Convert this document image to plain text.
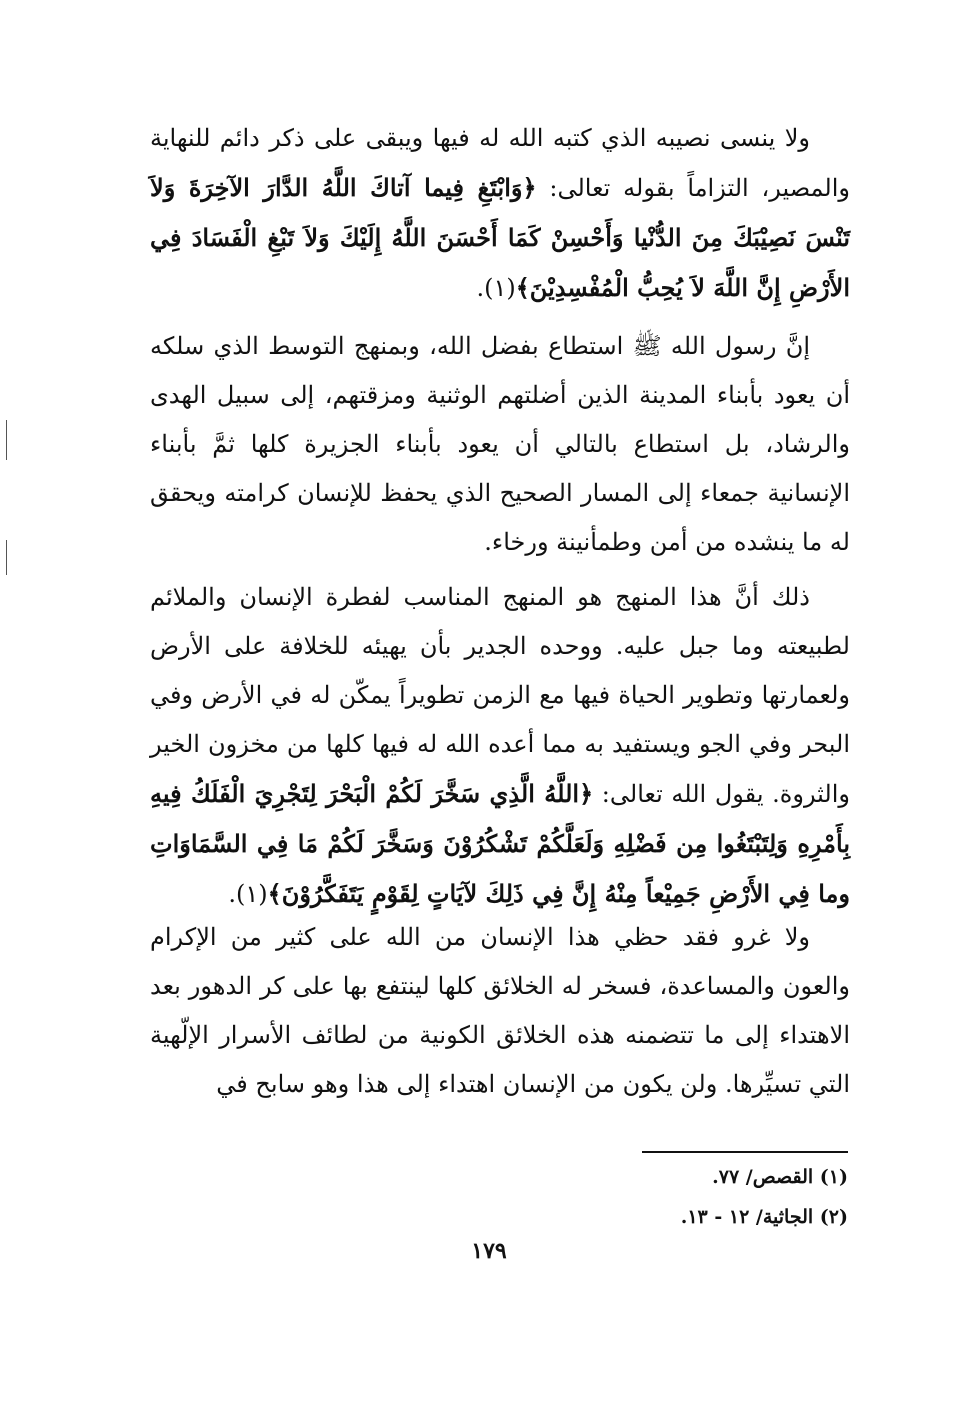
ولا ينسى نصيبه الذي كتبه الله له فيها ويبقى على ذكر دائم للنهاية والمصير، التزاماً بقوله تعالى: ﴿وَابْتَغِ فِيما آتاكَ اللَّهُ الدَّارَ الآخِرَةَ وَلاَ تَنْسَ نَصِيْبَكَ مِنَ الدُّنْيا وَأَحْسِنْ كَمَا أَحْسَنَ اللَّهُ إِلَيْكَ وَلاَ تَبْغِ الْفَسَادَ فِي الأَرْضِ إِنَّ اللَّهَ لاَ يُحِبُّ الْمُفْسِدِيْنَ﴾(١).

إنَّ رسول الله ﷺ استطاع بفضل الله، وبمنهج التوسط الذي سلكه أن يعود بأبناء المدينة الذين أضلتهم الوثنية ومزقتهم، إلى سبيل الهدى والرشاد، بل استطاع بالتالي أن يعود بأبناء الجزيرة كلها ثمَّ بأبناء الإنسانية جمعاء إلى المسار الصحيح الذي يحفظ للإنسان كرامته ويحقق له ما ينشده من أمن وطمأنينة ورخاء.

ذلك أنَّ هذا المنهج هو المنهج المناسب لفطرة الإنسان والملائم لطبيعته وما جبل عليه. ووحده الجدير بأن يهيئه للخلافة على الأرض ولعمارتها وتطوير الحياة فيها مع الزمن تطويراً يمكّن له في الأرض وفي البحر وفي الجو ويستفيد به مما أعده الله له فيها كلها من مخزون الخير والثروة. يقول الله تعالى: ﴿اللَّهُ الَّذِي سَخَّرَ لَكُمْ الْبَحْرَ لِتَجْرِيَ الْفَلَكُ فِيهِ بِأَمْرِهِ وَلِتَبْتَغُوا مِن فَضْلِهِ وَلَعَلَّكُمْ تَشْكُرُوْنَ وَسَخَّرَ لَكُمْ مَا فِي السَّمَاوَاتِ وما فِي الأَرْضِ جَمِيْعاً مِنْهُ إِنَّ فِي ذَلِكَ لآيَاتٍ لِقَوْمٍ يَتَفَكَّرُوْنَ﴾(١).

ولا غرو فقد حظي هذا الإنسان من الله على كثير من الإكرام والعون والمساعدة، فسخر له الخلائق كلها لينتفع بها على كر الدهور بعد الاهتداء إلى ما تتضمنه هذه الخلائق الكونية من لطائف الأسرار الإلّهية التي تسيِّرها. ولن يكون من الإنسان اهتداء إلى هذا وهو سابح في

(١) القصص/ ٧٧.
(٢) الجاثية/ ١٢ - ١٣.
١٧٩
